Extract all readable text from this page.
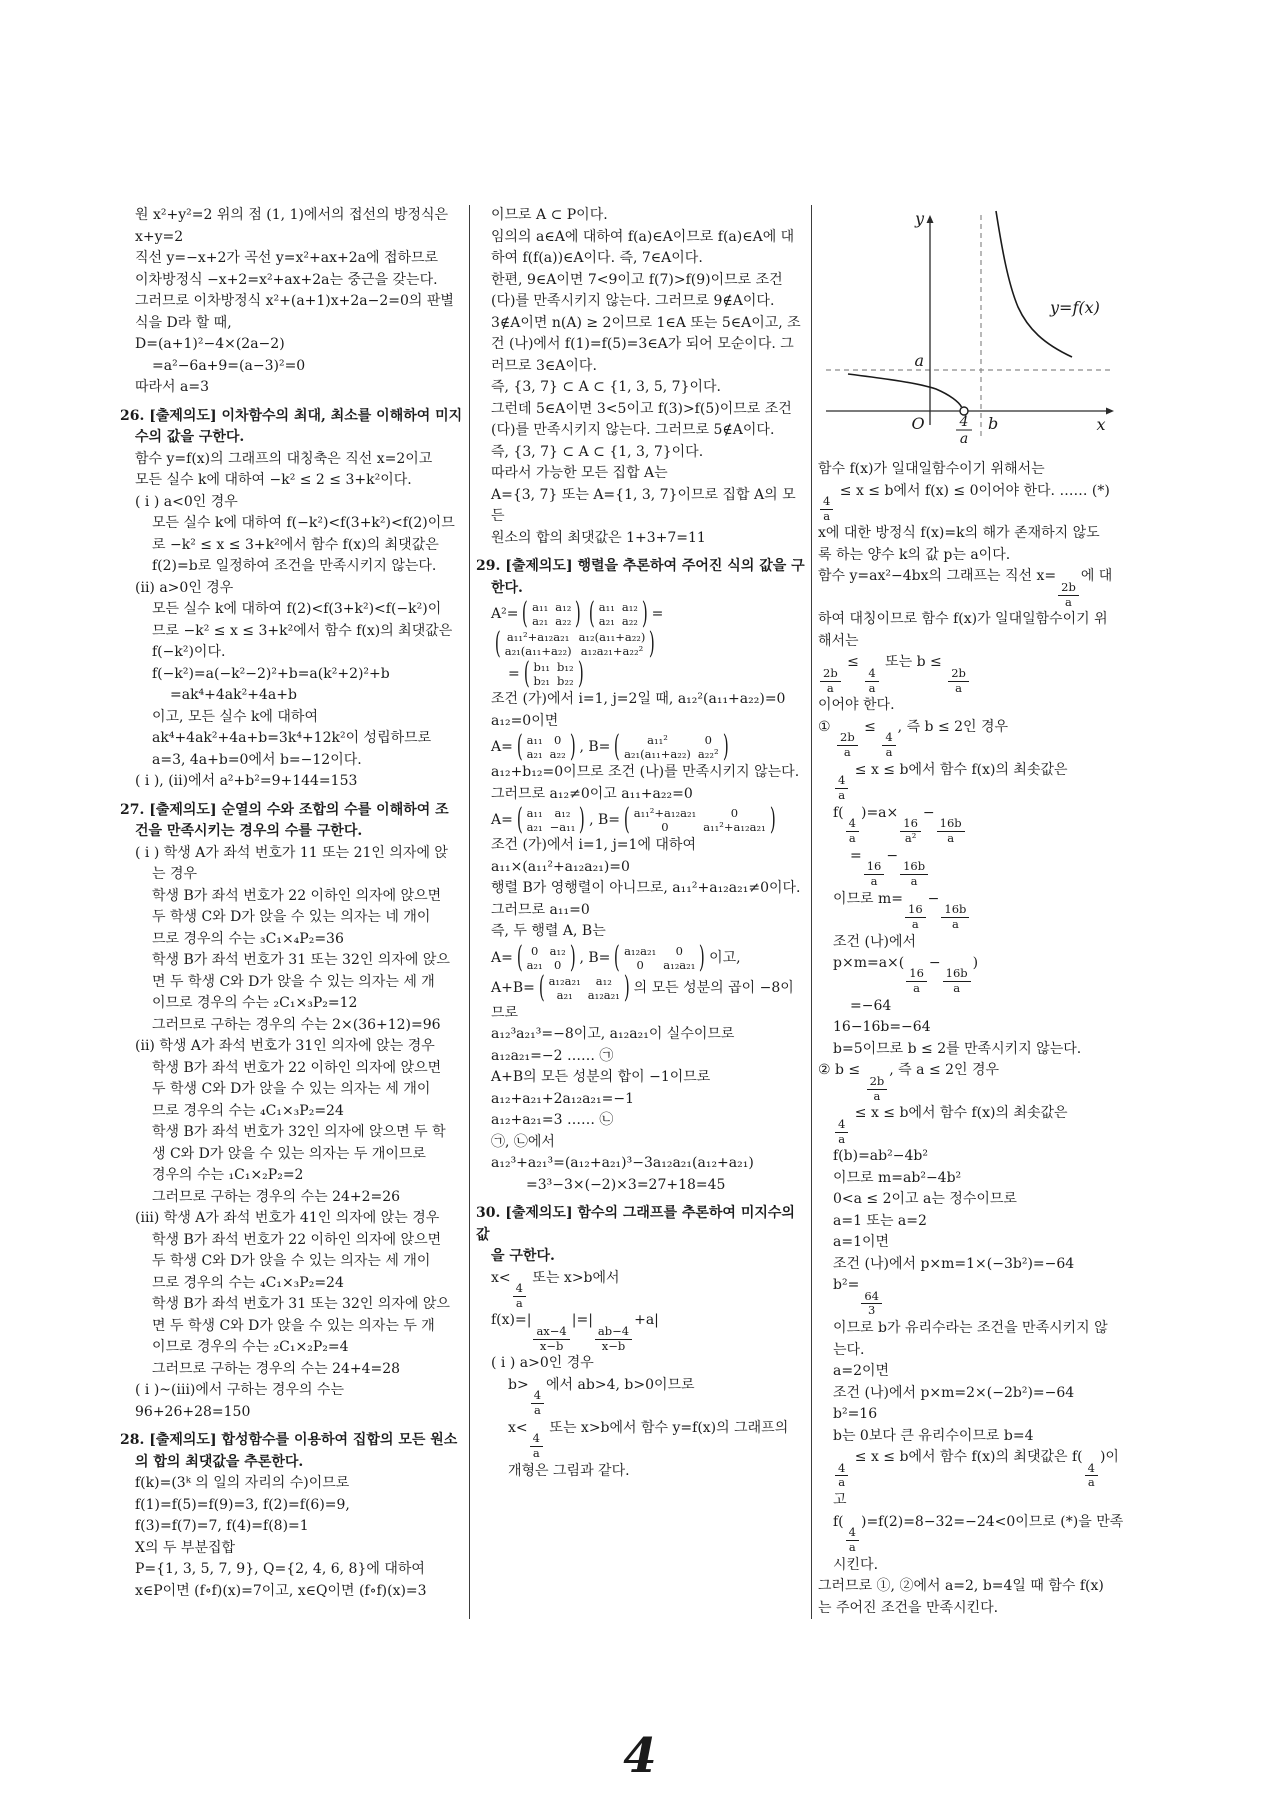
원 x²+y²=2 위의 점 (1, 1)에서의 접선의 방정식은
x+y=2
직선 y=−x+2가 곡선 y=x²+ax+2a에 접하므로
이차방정식 −x+2=x²+ax+2a는 중근을 갖는다.
그러므로 이차방정식 x²+(a+1)x+2a−2=0의 판별
식을 D라 할 때,
D=(a+1)²−4×(2a−2)
=a²−6a+9=(a−3)²=0
따라서 a=3
26. [출제의도] 이차함수의 최대, 최소를 이해하여 미지
수의 값을 구한다.
함수 y=f(x)의 그래프의 대칭축은 직선 x=2이고
모든 실수 k에 대하여 −k² ≤ 2 ≤ 3+k²이다.
( i ) a<0인 경우
모든 실수 k에 대하여 f(−k²)<f(3+k²)<f(2)이므
로 −k² ≤ x ≤ 3+k²에서 함수 f(x)의 최댓값은
f(2)=b로 일정하여 조건을 만족시키지 않는다.
(ii) a>0인 경우
모든 실수 k에 대하여 f(2)<f(3+k²)<f(−k²)이
므로 −k² ≤ x ≤ 3+k²에서 함수 f(x)의 최댓값은
f(−k²)이다.
f(−k²)=a(−k²−2)²+b=a(k²+2)²+b
=ak⁴+4ak²+4a+b
이고, 모든 실수 k에 대하여
ak⁴+4ak²+4a+b=3k⁴+12k²이 성립하므로
a=3, 4a+b=0에서 b=−12이다.
( i ), (ii)에서 a²+b²=9+144=153
27. [출제의도] 순열의 수와 조합의 수를 이해하여 조
건을 만족시키는 경우의 수를 구한다.
( i ) 학생 A가 좌석 번호가 11 또는 21인 의자에 앉
는 경우
학생 B가 좌석 번호가 22 이하인 의자에 앉으면
두 학생 C와 D가 앉을 수 있는 의자는 네 개이
므로 경우의 수는 ₃C₁×₄P₂=36
학생 B가 좌석 번호가 31 또는 32인 의자에 앉으
면 두 학생 C와 D가 앉을 수 있는 의자는 세 개
이므로 경우의 수는 ₂C₁×₃P₂=12
그러므로 구하는 경우의 수는 2×(36+12)=96
(ii) 학생 A가 좌석 번호가 31인 의자에 앉는 경우
학생 B가 좌석 번호가 22 이하인 의자에 앉으면
두 학생 C와 D가 앉을 수 있는 의자는 세 개이
므로 경우의 수는 ₄C₁×₃P₂=24
학생 B가 좌석 번호가 32인 의자에 앉으면 두 학
생 C와 D가 앉을 수 있는 의자는 두 개이므로
경우의 수는 ₁C₁×₂P₂=2
그러므로 구하는 경우의 수는 24+2=26
(iii) 학생 A가 좌석 번호가 41인 의자에 앉는 경우
학생 B가 좌석 번호가 22 이하인 의자에 앉으면
두 학생 C와 D가 앉을 수 있는 의자는 세 개이
므로 경우의 수는 ₄C₁×₃P₂=24
학생 B가 좌석 번호가 31 또는 32인 의자에 앉으
면 두 학생 C와 D가 앉을 수 있는 의자는 두 개
이므로 경우의 수는 ₂C₁×₂P₂=4
그러므로 구하는 경우의 수는 24+4=28
( i )~(iii)에서 구하는 경우의 수는
96+26+28=150
28. [출제의도] 합성함수를 이용하여 집합의 모든 원소
의 합의 최댓값을 추론한다.
f(k)=(3ᵏ 의 일의 자리의 수)이므로
f(1)=f(5)=f(9)=3, f(2)=f(6)=9,
f(3)=f(7)=7, f(4)=f(8)=1
X의 두 부분집합
P={1, 3, 5, 7, 9}, Q={2, 4, 6, 8}에 대하여
x∈P이면 (f∘f)(x)=7이고, x∈Q이면 (f∘f)(x)=3
이므로 A ⊂ P이다.
임의의 a∈A에 대하여 f(a)∈A이므로 f(a)∈A에 대
하여 f(f(a))∈A이다. 즉, 7∈A이다.
한편, 9∈A이면 7<9이고 f(7)>f(9)이므로 조건
(다)를 만족시키지 않는다. 그러므로 9∉A이다.
3∉A이면 n(A) ≥ 2이므로 1∈A 또는 5∈A이고, 조
건 (나)에서 f(1)=f(5)=3∈A가 되어 모순이다. 그
러므로 3∈A이다.
즉, {3, 7} ⊂ A ⊂ {1, 3, 5, 7}이다.
그런데 5∈A이면 3<5이고 f(3)>f(5)이므로 조건
(다)를 만족시키지 않는다. 그러므로 5∉A이다.
즉, {3, 7} ⊂ A ⊂ {1, 3, 7}이다.
따라서 가능한 모든 집합 A는
A={3, 7} 또는 A={1, 3, 7}이므로 집합 A의 모든
원소의 합의 최댓값은 1+3+7=11
29. [출제의도] 행렬을 추론하여 주어진 식의 값을 구
한다.
A²= ( a₁₁ a₁₂
a₂₁ a₂₂ ) ( a₁₁ a₁₂
a₂₁ a₂₂ ) =
( a₁₁²+a₁₂a₂₁ a₁₂(a₁₁+a₂₂)
a₂₁(a₁₁+a₂₂) a₁₂a₂₁+a₂₂² )
= ( b₁₁ b₁₂
b₂₁ b₂₂ )
조건 (가)에서 i=1, j=2일 때, a₁₂²(a₁₁+a₂₂)=0
a₁₂=0이면
A= ( a₁₁ 0
a₂₁ a₂₂ ) , B= (	a₁₁²	0
a₂₁(a₁₁+a₂₂) a₂₂² )
a₁₂+b₁₂=0이므로 조건 (나)를 만족시키지 않는다.
그러므로 a₁₂≠0이고 a₁₁+a₂₂=0
A= ( a₁₁	a₁₂
a₂₁ −a₁₁ ) , B= ( a₁₁²+a₁₂a₂₁	0
0	a₁₁²+a₁₂a₂₁ )
조건 (가)에서 i=1, j=1에 대하여
a₁₁×(a₁₁²+a₁₂a₂₁)=0
행렬 B가 영행렬이 아니므로, a₁₁²+a₁₂a₂₁≠0이다.
그러므로 a₁₁=0
즉, 두 행렬 A, B는
A= ( 0 a₁₂
a₂₁ 0 ) , B= ( a₁₂a₂₁	0
0	a₁₂a₂₁ ) 이고,
A+B= ( a₁₂a₂₁	a₁₂
a₂₁	a₁₂a₂₁ ) 의 모든 성분의 곱이 −8이므로
a₁₂³a₂₁³=−8이고, a₁₂a₂₁이 실수이므로
a₁₂a₂₁=−2 …… ㉠
A+B의 모든 성분의 합이 −1이므로
a₁₂+a₂₁+2a₁₂a₂₁=−1
a₁₂+a₂₁=3 …… ㉡
㉠, ㉡에서
a₁₂³+a₂₁³=(a₁₂+a₂₁)³−3a₁₂a₂₁(a₁₂+a₂₁)
=3³−3×(−2)×3=27+18=45
30. [출제의도] 함수의 그래프를 추론하여 미지수의 값
을 구한다.
x<
$\frac{4}{a}$
또는 x>b에서
f(x)=|
$\frac{ax-4}{x-b}$
|=|
$\frac{ab-4}{x-b}$
+a|
( i ) a>0인 경우
b>
$\frac{4}{a}$
에서 ab>4, b>0이므로
x<
$\frac{4}{a}$
또는 x>b에서 함수 y=f(x)의 그래프의
개형은 그림과 같다.
y
x
a
O 4
a
b
y=f(x)
함수 f(x)가 일대일함수이기 위해서는
$\frac{4}{a}$
≤ x ≤ b에서 f(x) ≤ 0이어야 한다. …… (*)
x에 대한 방정식 f(x)=k의 해가 존재하지 않도
록 하는 양수 k의 값 p는 a이다.
함수 y=ax²−4bx의 그래프는 직선 x=
$\frac{2b}{a}$
에 대
하여 대칭이므로 함수 f(x)가 일대일함수이기 위
해서는
$\frac{2b}{a}$
≤
$\frac{4}{a}$
또는 b ≤
$\frac{2b}{a}$
이어야 한다.
①
$\frac{2b}{a}$
≤
$\frac{4}{a}$
, 즉 b ≤ 2인 경우
$\frac{4}{a}$
≤ x ≤ b에서 함수 f(x)의 최솟값은
f(
$\frac{4}{a}$
)=a×
$\frac{16}{\text{a²}}$
−
$\frac{16b}{a}$
=
$\frac{16}{a}$
−
$\frac{16b}{a}$
이므로 m=
$\frac{16}{a}$
−
$\frac{16b}{a}$
조건 (나)에서
p×m=a×(
$\frac{16}{a}$
−
$\frac{16b}{a}$
)
=−64
16−16b=−64
b=5이므로 b ≤ 2를 만족시키지 않는다.
② b ≤
$\frac{2b}{a}$
, 즉 a ≤ 2인 경우
$\frac{4}{a}$
≤ x ≤ b에서 함수 f(x)의 최솟값은
f(b)=ab²−4b²
이므로 m=ab²−4b²
0<a ≤ 2이고 a는 정수이므로
a=1 또는 a=2
a=1이면
조건 (나)에서 p×m=1×(−3b²)=−64
b²=
$\frac{64}{3}$
이므로 b가 유리수라는 조건을 만족시키지 않
는다.
a=2이면
조건 (나)에서 p×m=2×(−2b²)=−64
b²=16
b는 0보다 큰 유리수이므로 b=4
$\frac{4}{a}$
≤ x ≤ b에서 함수 f(x)의 최댓값은 f(
$\frac{4}{a}$
)이
고
f(
$\frac{4}{a}$
)=f(2)=8−32=−24<0이므로 (*)을 만족
시킨다.
그러므로 ①, ②에서 a=2, b=4일 때 함수 f(x)
는 주어진 조건을 만족시킨다.
4
